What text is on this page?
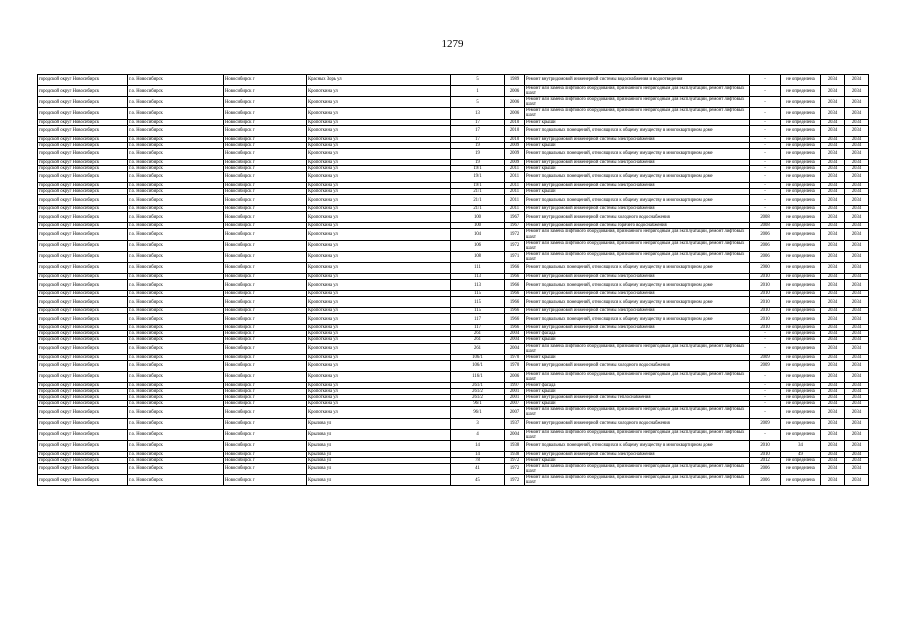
1279
городской округ Новосибирск	г.о. Новосибирск	Новосибирск г	Красных Зорь ул	5	1989	Ремонт внутридомовой инженерной системы водоснабжения и водоотведения	-	не определена	2034	2034
городской округ Новосибирск	г.о. Новосибирск	Новосибирск г	Кропоткина ул	1	2006	Ремонт или замена лифтового оборудования, признанного непригодным для эксплуатации, ремонт лифтовых шахт	-	не определена	2034	2034
городской округ Новосибирск	г.о. Новосибирск	Новосибирск г	Кропоткина ул	5	2006	Ремонт или замена лифтового оборудования, признанного непригодным для эксплуатации, ремонт лифтовых шахт	-	не определена	2034	2034
городской округ Новосибирск	г.о. Новосибирск	Новосибирск г	Кропоткина ул	13	2006	Ремонт или замена лифтового оборудования, признанного непригодным для эксплуатации, ремонт лифтовых шахт	-	не определена	2034	2034
городской округ Новосибирск	г.о. Новосибирск	Новосибирск г	Кропоткина ул	17	2010	Ремонт крыши	-	не определена	2034	2034
городской округ Новосибирск	г.о. Новосибирск	Новосибирск г	Кропоткина ул	17	2010	Ремонт подвальных помещений, относящихся к общему имуществу в многоквартирном доме	-	не определена	2034	2034
городской округ Новосибирск	г.о. Новосибирск	Новосибирск г	Кропоткина ул	17	2010	Ремонт внутридомовой инженерной системы электроснабжения	-	не определена	2034	2034
городской округ Новосибирск	г.о. Новосибирск	Новосибирск г	Кропоткина ул	19	2009	Ремонт крыши	-	не определена	2034	2034
городской округ Новосибирск	г.о. Новосибирск	Новосибирск г	Кропоткина ул	19	2009	Ремонт подвальных помещений, относящихся к общему имуществу в многоквартирном доме	-	не определена	2034	2034
городской округ Новосибирск	г.о. Новосибирск	Новосибирск г	Кропоткина ул	19	2009	Ремонт внутридомовой инженерной системы электроснабжения	-	не определена	2034	2034
городской округ Новосибирск	г.о. Новосибирск	Новосибирск г	Кропоткина ул	19/1	2011	Ремонт крыши	-	не определена	2034	2034
городской округ Новосибирск	г.о. Новосибирск	Новосибирск г	Кропоткина ул	19/1	2011	Ремонт подвальных помещений, относящихся к общему имуществу в многоквартирном доме	-	не определена	2034	2034
городской округ Новосибирск	г.о. Новосибирск	Новосибирск г	Кропоткина ул	19/1	2011	Ремонт внутридомовой инженерной системы электроснабжения	-	не определена	2034	2034
городской округ Новосибирск	г.о. Новосибирск	Новосибирск г	Кропоткина ул	21/1	2011	Ремонт крыши	-	не определена	2034	2034
городской округ Новосибирск	г.о. Новосибирск	Новосибирск г	Кропоткина ул	21/1	2011	Ремонт подвальных помещений, относящихся к общему имуществу в многоквартирном доме	-	не определена	2034	2034
городской округ Новосибирск	г.о. Новосибирск	Новосибирск г	Кропоткина ул	21/1	2011	Ремонт внутридомовой инженерной системы электроснабжения	-	не определена	2034	2034
городской округ Новосибирск	г.о. Новосибирск	Новосибирск г	Кропоткина ул	100	1967	Ремонт внутридомовой инженерной системы холодного водоснабжения	2008	не определена	2034	2034
городской округ Новосибирск	г.о. Новосибирск	Новосибирск г	Кропоткина ул	100	1967	Ремонт внутридомовой инженерной системы горячего водоснабжения	2008	не определена	2034	2034
городской округ Новосибирск	г.о. Новосибирск	Новосибирск г	Кропоткина ул	104	1972	Ремонт или замена лифтового оборудования, признанного непригодным для эксплуатации, ремонт лифтовых шахт	2006	не определена	2034	2034
городской округ Новосибирск	г.о. Новосибирск	Новосибирск г	Кропоткина ул	106	1972	Ремонт или замена лифтового оборудования, признанного непригодным для эксплуатации, ремонт лифтовых шахт	2006	не определена	2034	2034
городской округ Новосибирск	г.о. Новосибирск	Новосибирск г	Кропоткина ул	108	1971	Ремонт или замена лифтового оборудования, признанного непригодным для эксплуатации, ремонт лифтовых шахт	2006	не определена	2034	2034
городской округ Новосибирск	г.о. Новосибирск	Новосибирск г	Кропоткина ул	111	1966	Ремонт подвальных помещений, относящихся к общему имуществу в многоквартирном доме	2900	не определена	2034	2034
городской округ Новосибирск	г.о. Новосибирск	Новосибирск г	Кропоткина ул	113	1966	Ремонт внутридомовой инженерной системы электроснабжения	2010	не определена	2034	2034
городской округ Новосибирск	г.о. Новосибирск	Новосибирск г	Кропоткина ул	113	1966	Ремонт подвальных помещений, относящихся к общему имуществу в многоквартирном доме	2010	не определена	2034	2034
городской округ Новосибирск	г.о. Новосибирск	Новосибирск г	Кропоткина ул	115	1966	Ремонт внутридомовой инженерной системы электроснабжения	2010	не определена	2034	2034
городской округ Новосибирск	г.о. Новосибирск	Новосибирск г	Кропоткина ул	115	1966	Ремонт подвальных помещений, относящихся к общему имуществу в многоквартирном доме	2010	не определена	2034	2034
городской округ Новосибирск	г.о. Новосибирск	Новосибирск г	Кропоткина ул	115	1966	Ремонт внутридомовой инженерной системы электроснабжения	2010	не определена	2034	2034
городской округ Новосибирск	г.о. Новосибирск	Новосибирск г	Кропоткина ул	117	1966	Ремонт подвальных помещений, относящихся к общему имуществу в многоквартирном доме	2010	не определена	2034	2034
городской округ Новосибирск	г.о. Новосибирск	Новосибирск г	Кропоткина ул	117	1966	Ремонт внутридомовой инженерной системы электроснабжения	2010	не определена	2034	2034
городской округ Новосибирск	г.о. Новосибирск	Новосибирск г	Кропоткина ул	261	2004	Ремонт фасада	-	не определена	2034	2034
городской округ Новосибирск	г.о. Новосибирск	Новосибирск г	Кропоткина ул	261	2004	Ремонт крыши	-	не определена	2034	2034
городской округ Новосибирск	г.о. Новосибирск	Новосибирск г	Кропоткина ул	261	2004	Ремонт или замена лифтового оборудования, признанного непригодным для эксплуатации, ремонт лифтовых шахт	-	не определена	2034	2034
городской округ Новосибирск	г.о. Новосибирск	Новосибирск г	Кропоткина ул	106/1	1970	Ремонт крыши	2009	не определена	2034	2034
городской округ Новосибирск	г.о. Новосибирск	Новосибирск г	Кропоткина ул	106/1	1970	Ремонт внутридомовой инженерной системы холодного водоснабжения	2009	не определена	2034	2034
городской округ Новосибирск	г.о. Новосибирск	Новосибирск г	Кропоткина ул	116/1	2006	Ремонт или замена лифтового оборудования, признанного непригодным для эксплуатации, ремонт лифтовых шахт	-	не определена	2034	2034
городской округ Новосибирск	г.о. Новосибирск	Новосибирск г	Кропоткина ул	261/1	1997	Ремонт фасада	-	не определена	2034	2034
городской округ Новосибирск	г.о. Новосибирск	Новосибирск г	Кропоткина ул	261/2	2001	Ремонт крыши	-	не определена	2034	2034
городской округ Новосибирск	г.о. Новосибирск	Новосибирск г	Кропоткина ул	261/2	2001	Ремонт внутридомовой инженерной системы теплоснабжения	-	не определена	2034	2034
городской округ Новосибирск	г.о. Новосибирск	Новосибирск г	Кропоткина ул	96/1	2007	Ремонт крыши	-	не определена	2034	2034
городской округ Новосибирск	г.о. Новосибирск	Новосибирск г	Кропоткина ул	96/1	2007	Ремонт или замена лифтового оборудования, признанного непригодным для эксплуатации, ремонт лифтовых шахт	-	не определена	2034	2034
городской округ Новосибирск	г.о. Новосибирск	Новосибирск г	Крылова ул	3	1937	Ремонт внутридомовой инженерной системы холодного водоснабжения	2009	не определена	2034	2034
городской округ Новосибирск	г.о. Новосибирск	Новосибирск г	Крылова ул	4	2004	Ремонт или замена лифтового оборудования, признанного непригодным для эксплуатации, ремонт лифтовых шахт	-	не определена	2034	2034
городской округ Новосибирск	г.о. Новосибирск	Новосибирск г	Крылова ул	14	1938	Ремонт подвальных помещений, относящихся к общему имуществу в многоквартирном доме	2010	34	2034	2034
городской округ Новосибирск	г.о. Новосибирск	Новосибирск г	Крылова ул	14	1938	Ремонт внутридомовой инженерной системы электроснабжения	2010	49	2034	2034
городской округ Новосибирск	г.о. Новосибирск	Новосибирск г	Крылова ул	78	1972	Ремонт крыши	2012	не определена	2034	2034
городской округ Новосибирск	г.о. Новосибирск	Новосибирск г	Крылова ул	41	1972	Ремонт или замена лифтового оборудования, признанного непригодным для эксплуатации, ремонт лифтовых шахт	2006	не определена	2034	2034
городской округ Новосибирск	г.о. Новосибирск	Новосибирск г	Крылова ул	45	1972	Ремонт или замена лифтового оборудования, признанного непригодным для эксплуатации, ремонт лифтовых шахт	2006	не определена	2034	2034
